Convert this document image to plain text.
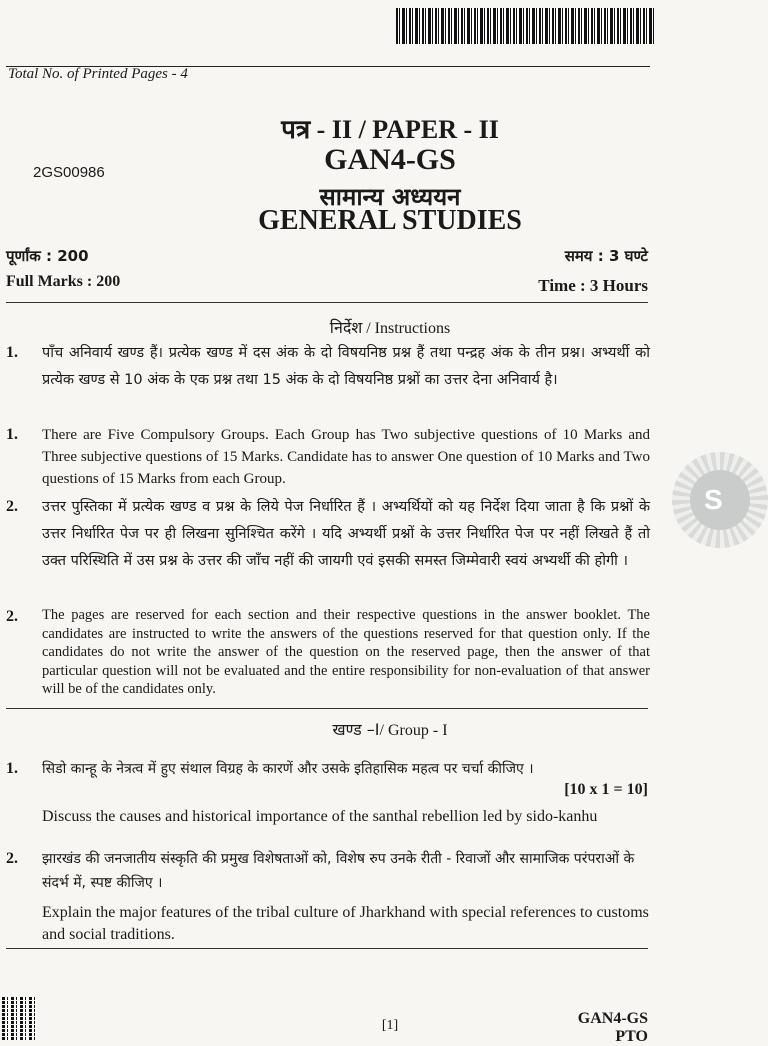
Total No. of Printed Pages - 4
पत्र - II / PAPER - II
GAN4-GS
2GS00986
सामान्य अध्ययन
GENERAL STUDIES
पूर्णांक : 200
Full Marks : 200
समय : 3 घण्टे
Time : 3 Hours
निर्देश / Instructions
1. पाँच अनिवार्य खण्ड हैं। प्रत्येक खण्ड में दस अंक के दो विषयनिष्ठ प्रश्न हैं तथा पन्द्रह अंक के तीन प्रश्न। अभ्यर्थी को प्रत्येक खण्ड से 10 अंक के एक प्रश्न तथा 15 अंक के दो विषयनिष्ठ प्रश्नों का उत्तर देना अनिवार्य है।
1. There are Five Compulsory Groups. Each Group has Two subjective questions of 10 Marks and Three subjective questions of 15 Marks. Candidate has to answer One question of 10 Marks and Two questions of 15 Marks from each Group.
2. उत्तर पुस्तिका में प्रत्येक खण्ड व प्रश्न के लिये पेज निर्धारित हैं । अभ्यर्थियों को यह निर्देश दिया जाता है कि प्रश्नों के उत्तर निर्धारित पेज पर ही लिखना सुनिश्चित करेंगे । यदि अभ्यर्थी प्रश्नों के उत्तर निर्धारित पेज पर नहीं लिखते हैं तो उक्त परिस्थिति में उस प्रश्न के उत्तर की जाँच नहीं की जायगी एवं इसकी समस्त जिम्मेवारी स्वयं अभ्यर्थी की होगी ।
2. The pages are reserved for each section and their respective questions in the answer booklet. The candidates are instructed to write the answers of the questions reserved for that question only. If the candidates do not write the answer of the question on the reserved page, then the answer of that particular question will not be evaluated and the entire responsibility for non-evaluation of that answer will be of the candidates only.
खण्ड –I/ Group - I
1. सिडो कान्हू के नेत्रत्व में हुए संथाल विग्रह के कारणें और उसके इतिहासिक महत्व पर चर्चा कीजिए ।
[10 x 1 = 10]
Discuss the causes and historical importance of the santhal rebellion led by sido-kanhu
2. झारखंड की जनजातीय संस्कृति की प्रमुख विशेषताओं को, विशेष रुप उनके रीती - रिवाजों और सामाजिक परंपराओं के संदर्भ में, स्पष्ट कीजिए ।
Explain the major features of the tribal culture of Jharkhand with special references to customs and social traditions.
S
[1]	GAN4-GS
PTO
